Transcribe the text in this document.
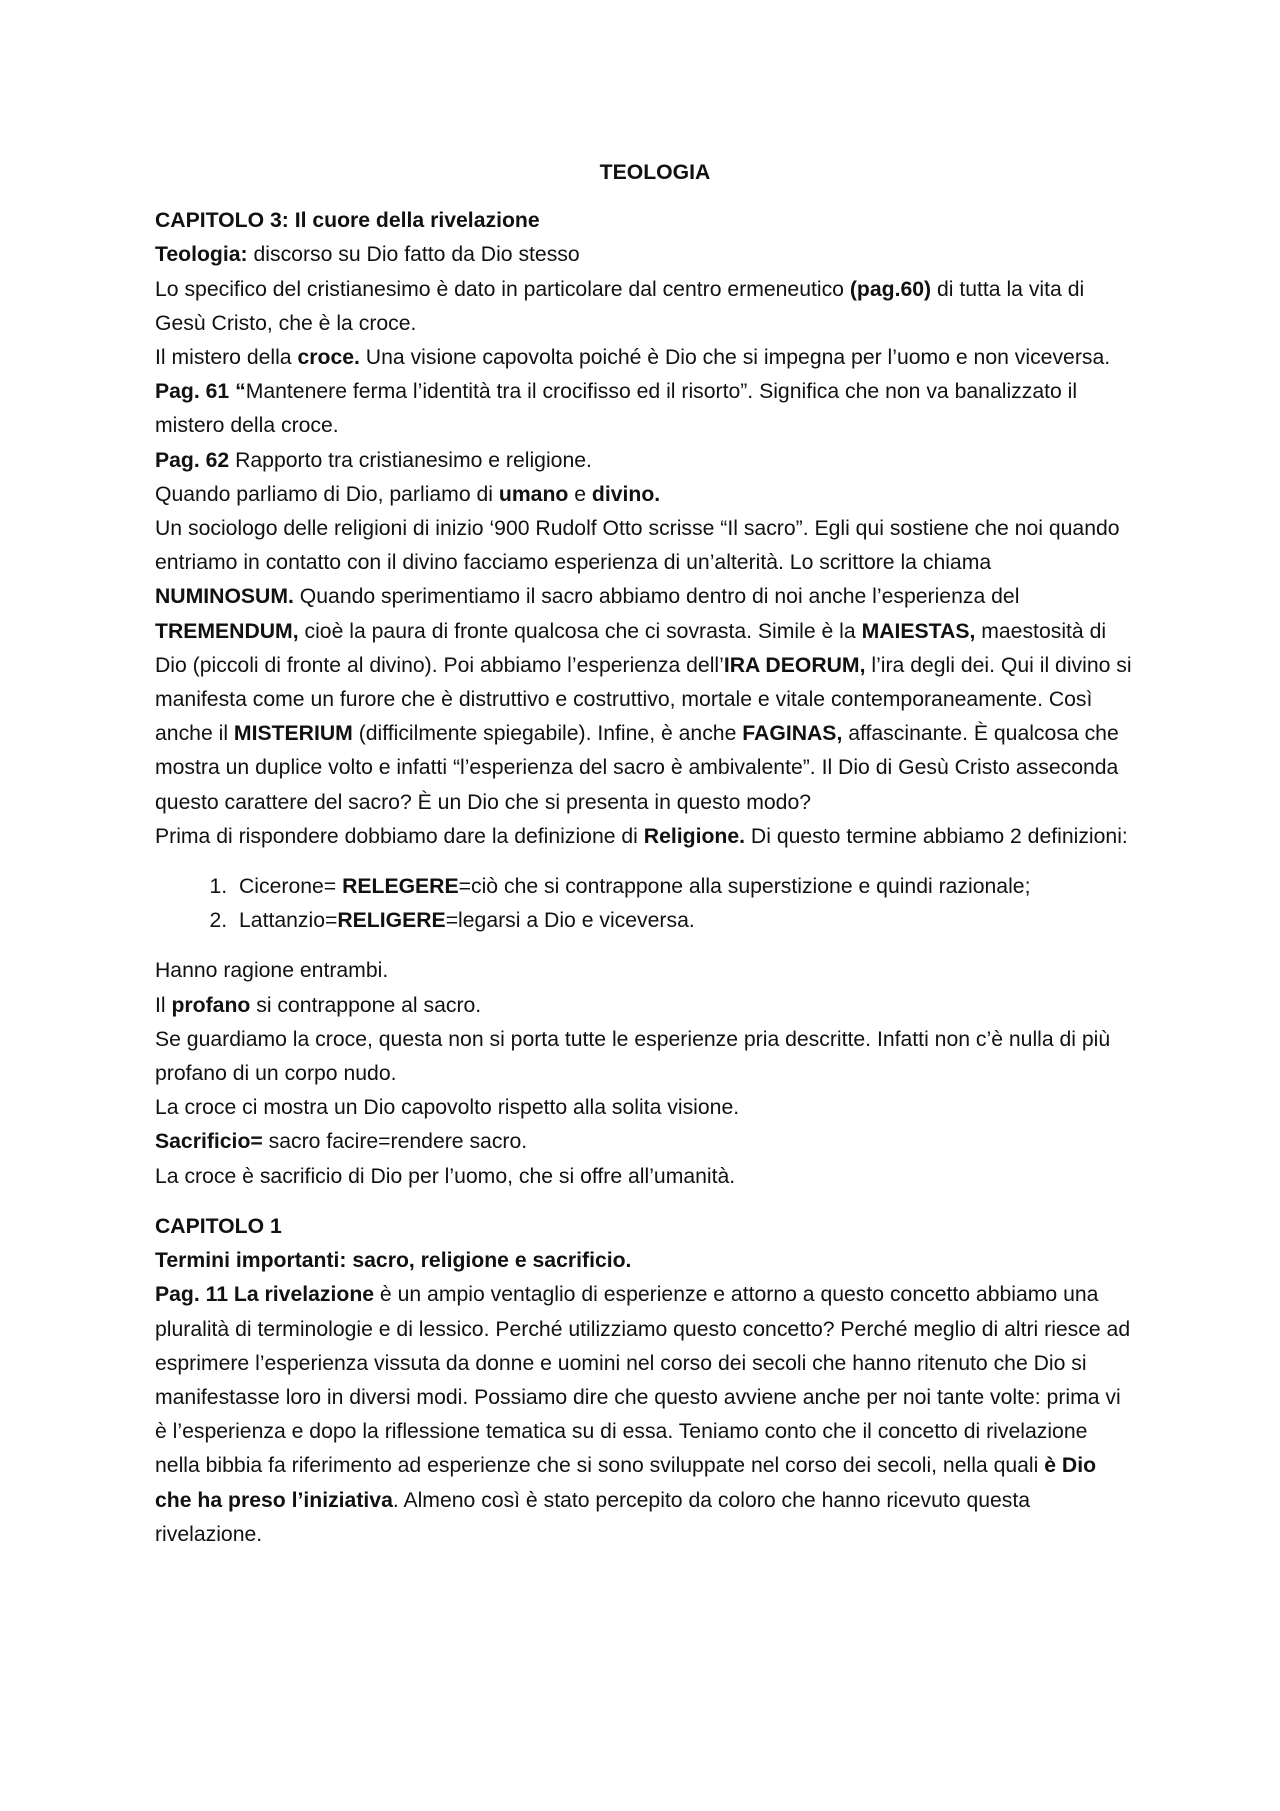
TEOLOGIA

CAPITOLO 3: Il cuore della rivelazione

Teologia: discorso su Dio fatto da Dio stesso

Lo specifico del cristianesimo è dato in particolare dal centro ermeneutico (pag.60) di tutta la vita di Gesù Cristo, che è la croce.

Il mistero della croce. Una visione capovolta poiché è Dio che si impegna per l’uomo e non viceversa.

Pag. 61 “Mantenere ferma l’identità tra il crocifisso ed il risorto”. Significa che non va banalizzato il mistero della croce.

Pag. 62 Rapporto tra cristianesimo e religione.

Quando parliamo di Dio, parliamo di umano e divino.

Un sociologo delle religioni di inizio ‘900 Rudolf Otto scrisse “Il sacro”. Egli qui sostiene che noi quando entriamo in contatto con il divino facciamo esperienza di un’alterità. Lo scrittore la chiama NUMINOSUM. Quando sperimentiamo il sacro abbiamo dentro di noi anche l’esperienza del TREMENDUM, cioè la paura di fronte qualcosa che ci sovrasta. Simile è la MAIESTAS, maestosità di Dio (piccoli di fronte al divino). Poi abbiamo l’esperienza dell’IRA DEORUM, l’ira degli dei. Qui il divino si manifesta come un furore che è distruttivo e costruttivo, mortale e vitale contemporaneamente. Così anche il MISTERIUM (difficilmente spiegabile). Infine, è anche FAGINAS, affascinante. È qualcosa che mostra un duplice volto e infatti “l’esperienza del sacro è ambivalente”. Il Dio di Gesù Cristo asseconda questo carattere del sacro? È un Dio che si presenta in questo modo?

Prima di rispondere dobbiamo dare la definizione di Religione. Di questo termine abbiamo 2 definizioni:

1. Cicerone= RELEGERE=ciò che si contrappone alla superstizione e quindi razionale;
2. Lattanzio=RELIGERE=legarsi a Dio e viceversa.

Hanno ragione entrambi.

Il profano si contrappone al sacro.

Se guardiamo la croce, questa non si porta tutte le esperienze pria descritte. Infatti non c’è nulla di più profano di un corpo nudo.

La croce ci mostra un Dio capovolto rispetto alla solita visione.

Sacrificio= sacro facire=rendere sacro.

La croce è sacrificio di Dio per l’uomo, che si offre all’umanità.

CAPITOLO 1

Termini importanti: sacro, religione e sacrificio.

Pag. 11 La rivelazione è un ampio ventaglio di esperienze e attorno a questo concetto abbiamo una pluralità di terminologie e di lessico. Perché utilizziamo questo concetto? Perché meglio di altri riesce ad esprimere l’esperienza vissuta da donne e uomini nel corso dei secoli che hanno ritenuto che Dio si manifestasse loro in diversi modi. Possiamo dire che questo avviene anche per noi tante volte: prima vi è l’esperienza e dopo la riflessione tematica su di essa. Teniamo conto che il concetto di rivelazione nella bibbia fa riferimento ad esperienze che si sono sviluppate nel corso dei secoli, nella quali è Dio che ha preso l’iniziativa. Almeno così è stato percepito da coloro che hanno ricevuto questa rivelazione.
